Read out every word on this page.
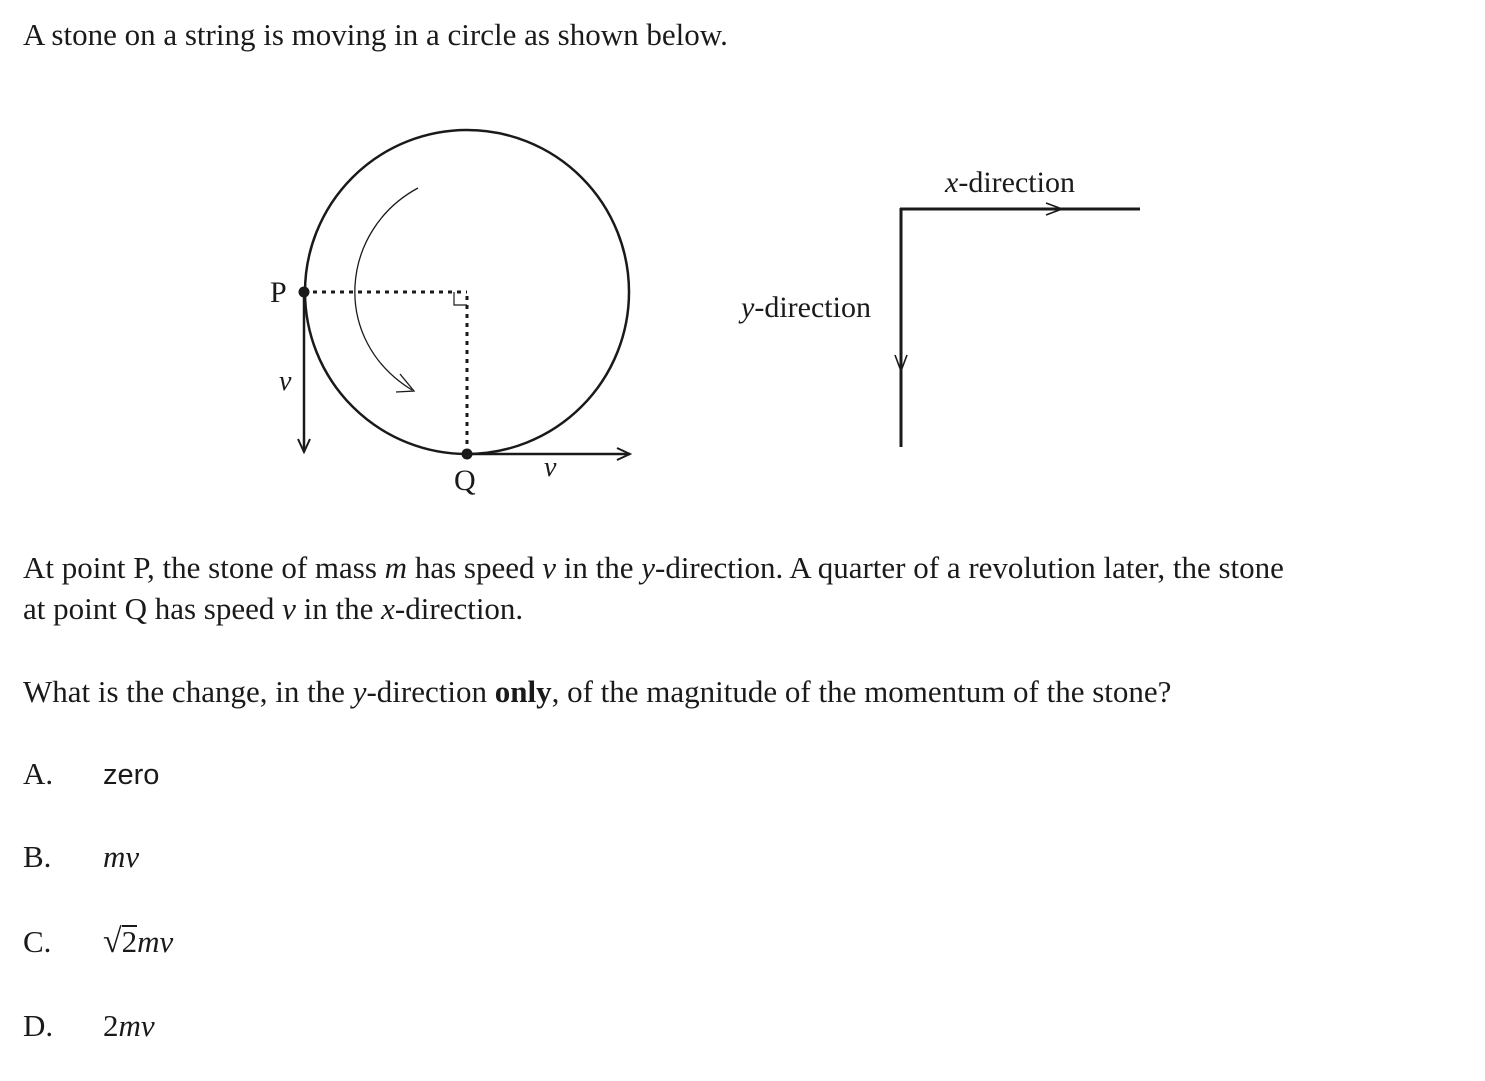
A stone on a string is moving in a circle as shown below.
P
Q
v
v
x-direction
y-direction
At point P, the stone of mass m has speed v in the y-direction. A quarter of a revolution later, the stone
at point Q has speed v in the x-direction.
What is the change, in the y-direction only, of the magnitude of the momentum of the stone?
A. zero
B. mv
C. √2mv
D. 2mv
